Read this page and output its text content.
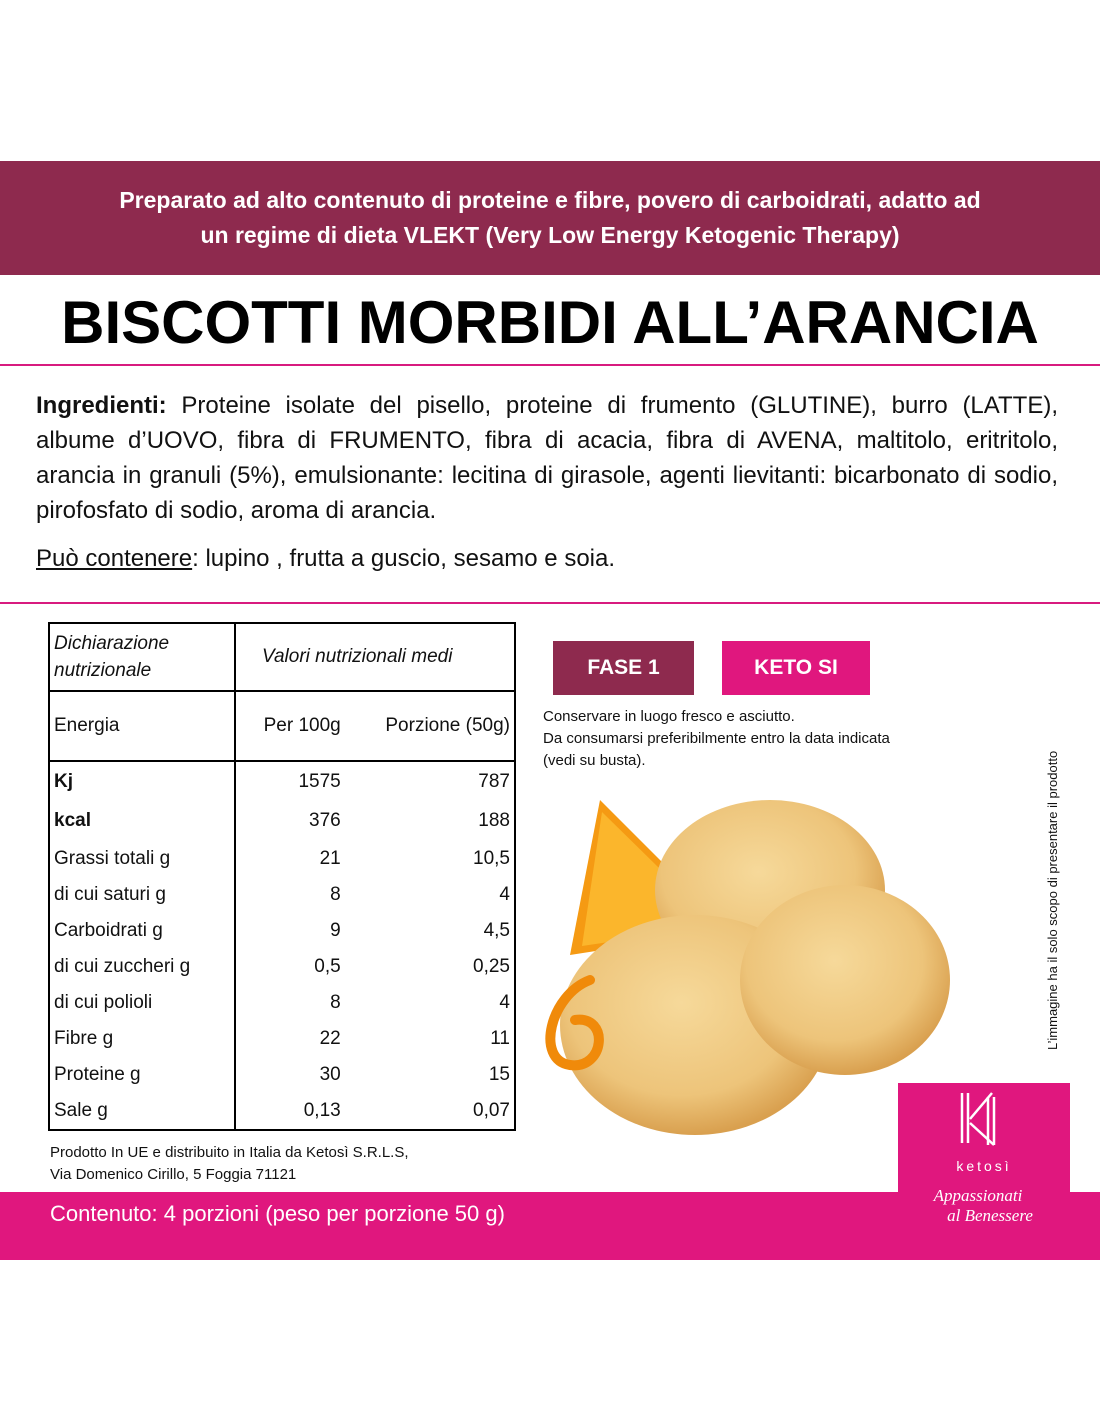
Preparato ad alto contenuto di proteine e fibre, povero di carboidrati, adatto ad
un regime di dieta VLEKT (Very Low Energy Ketogenic Therapy)
BISCOTTI MORBIDI ALL’ARANCIA
Ingredienti: Proteine isolate del pisello, proteine di frumento (GLUTINE), burro (LATTE), albume d’UOVO, fibra di FRUMENTO, fibra di acacia, fibra di AVENA, maltitolo, eritritolo, arancia in granuli (5%), emulsionante: lecitina di girasole, agenti lievitanti: bicarbonato di sodio, pirofosfato di sodio, aroma di arancia.
Può contenere: lupino , frutta a guscio, sesamo e soia.
Dichiarazione nutrizionale	Valori nutrizionali medi	
Energia	Per 100g	Porzione (50g)
Kj	1575	787
kcal	376	188
Grassi totali g	21	10,5
di cui saturi g	8	4
Carboidrati g	9	4,5
di cui zuccheri g	0,5	0,25
di cui polioli	8	4
Fibre g	22	11
Proteine g	30	15
Sale g	0,13	0,07
Prodotto In UE e distribuito in Italia da Ketosì S.R.L.S,
Via Domenico Cirillo, 5 Foggia 71121
FASE 1	KETO SI
Conservare in luogo fresco e asciutto.
Da consumarsi preferibilmente entro la data indicata
(vedi su busta).	L’immagine ha il solo scopo di presentare il prodotto
Contenuto: 4 porzioni (peso per porzione 50 g)
ketosì
Appassionati
al Benessere
